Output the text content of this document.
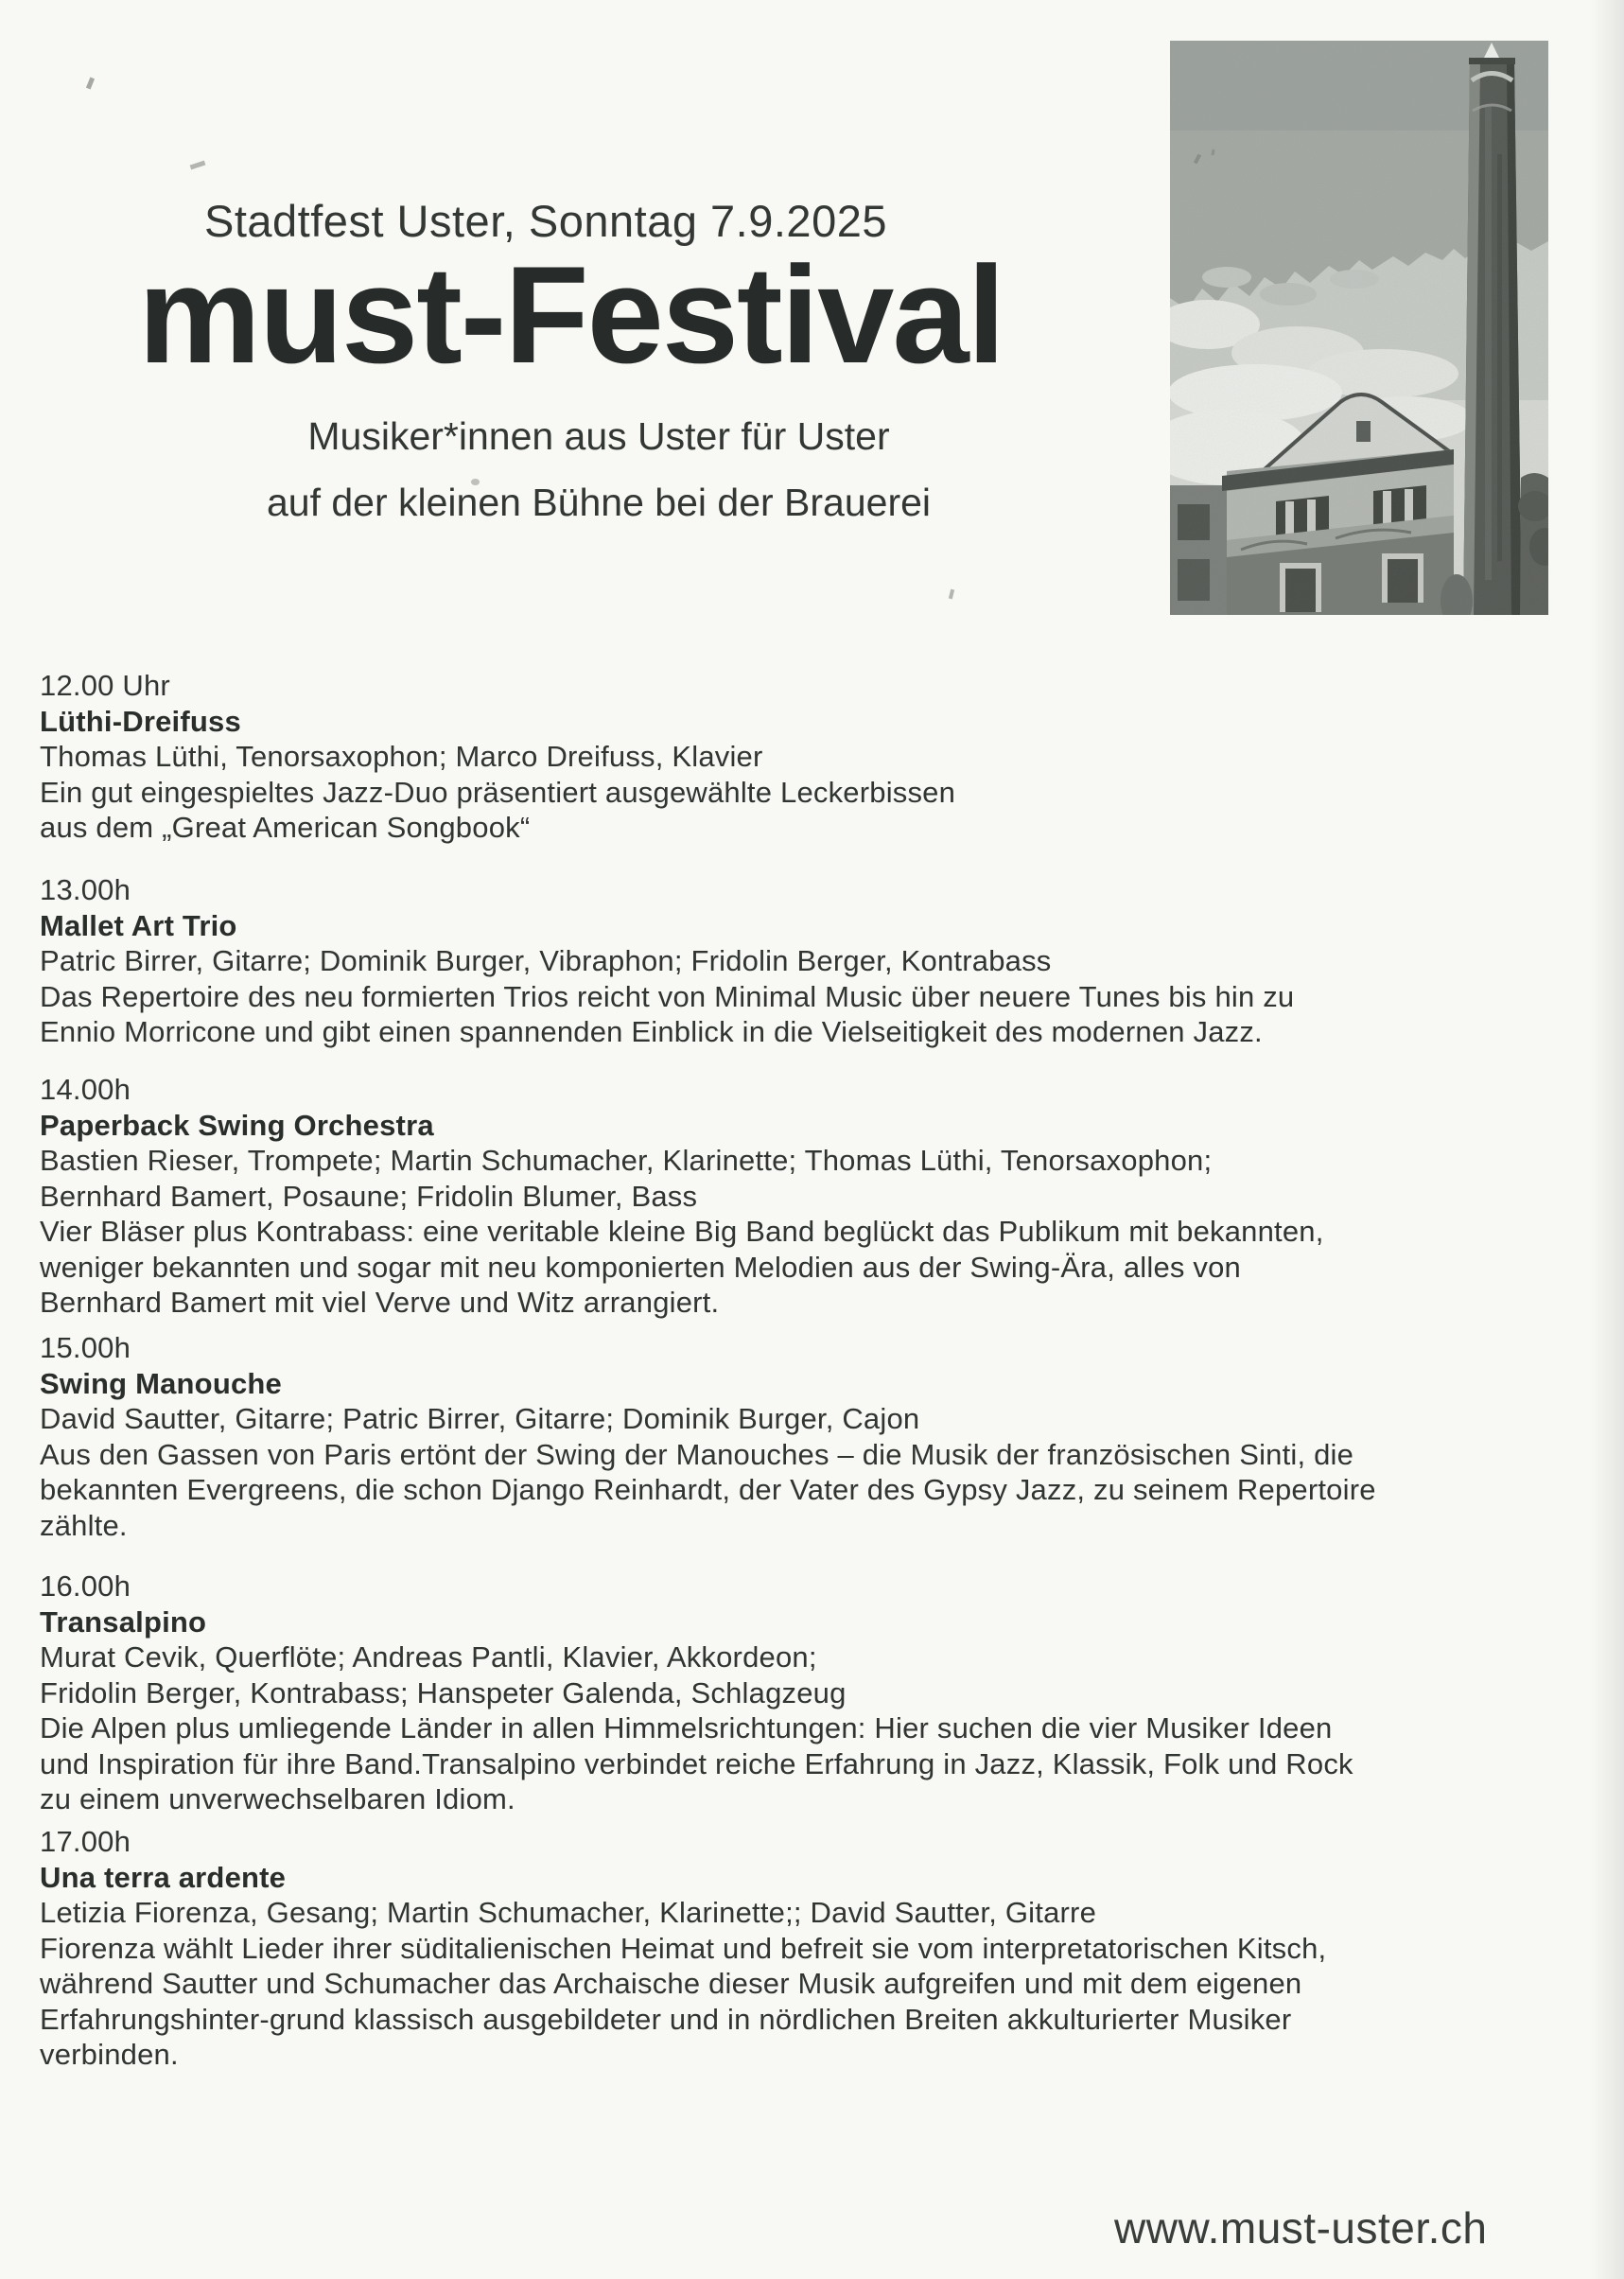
Stadtfest Uster, Sonntag 7.9.2025
must-Festival
Musiker*innen aus Uster für Uster
auf der kleinen Bühne bei der Brauerei
12.00 Uhr
Lüthi-Dreifuss
Thomas Lüthi, Tenorsaxophon; Marco Dreifuss, Klavier
Ein gut eingespieltes Jazz-Duo präsentiert ausgewählte Leckerbissen
aus dem „Great American Songbook“
13.00h
Mallet Art Trio
Patric Birrer, Gitarre; Dominik Burger, Vibraphon; Fridolin Berger, Kontrabass
Das Repertoire des neu formierten Trios reicht von Minimal Music über neuere Tunes bis hin zu
Ennio Morricone und gibt einen spannenden Einblick in die Vielseitigkeit des modernen Jazz.
14.00h
Paperback Swing Orchestra
Bastien Rieser, Trompete; Martin Schumacher, Klarinette; Thomas Lüthi, Tenorsaxophon;
Bernhard Bamert, Posaune; Fridolin Blumer, Bass
Vier Bläser plus Kontrabass: eine veritable kleine Big Band beglückt das Publikum mit bekannten,
weniger bekannten und sogar mit neu komponierten Melodien aus der Swing-Ära, alles von
Bernhard Bamert mit viel Verve und Witz arrangiert.
15.00h
Swing Manouche
David Sautter, Gitarre; Patric Birrer, Gitarre; Dominik Burger, Cajon
Aus den Gassen von Paris ertönt der Swing der Manouches – die Musik der französischen Sinti, die
bekannten Evergreens, die schon Django Reinhardt, der Vater des Gypsy Jazz, zu seinem Repertoire
zählte.
16.00h
Transalpino
Murat Cevik, Querflöte; Andreas Pantli, Klavier, Akkordeon;
Fridolin Berger, Kontrabass; Hanspeter Galenda, Schlagzeug
Die Alpen plus umliegende Länder in allen Himmelsrichtungen: Hier suchen die vier Musiker Ideen
und Inspiration für ihre Band.Transalpino verbindet reiche Erfahrung in Jazz, Klassik, Folk und Rock
zu einem unverwechselbaren Idiom.
17.00h
Una terra ardente
Letizia Fiorenza, Gesang; Martin Schumacher, Klarinette;; David Sautter, Gitarre
Fiorenza wählt Lieder ihrer süditalienischen Heimat und befreit sie vom interpretatorischen Kitsch,
während Sautter und Schumacher das Archaische dieser Musik aufgreifen und mit dem eigenen
Erfahrungshinter-grund klassisch ausgebildeter und in nördlichen Breiten akkulturierter Musiker
verbinden.
www.must-uster.ch
